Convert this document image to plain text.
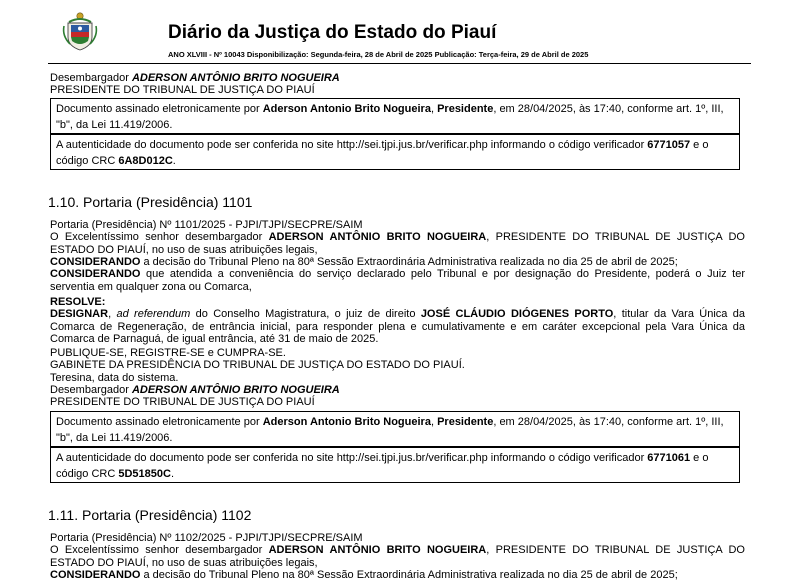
Diário da Justiça do Estado do Piauí
ANO XLVIII - Nº 10043 Disponibilização: Segunda-feira, 28 de Abril de 2025 Publicação: Terça-feira, 29 de Abril de 2025
Desembargador ADERSON ANTÔNIO BRITO NOGUEIRA
PRESIDENTE DO TRIBUNAL DE JUSTIÇA DO PIAUÍ
Documento assinado eletronicamente por Aderson Antonio Brito Nogueira, Presidente, em 28/04/2025, às 17:40, conforme art. 1º, III, "b", da Lei 11.419/2006.
A autenticidade do documento pode ser conferida no site http://sei.tjpi.jus.br/verificar.php informando o código verificador 6771057 e o código CRC 6A8D012C.
1.10. Portaria (Presidência) 1101
Portaria (Presidência) Nº 1101/2025 - PJPI/TJPI/SECPRE/SAIM
O Excelentíssimo senhor desembargador ADERSON ANTÔNIO BRITO NOGUEIRA, PRESIDENTE DO TRIBUNAL DE JUSTIÇA DO ESTADO DO PIAUÍ, no uso de suas atribuições legais,
CONSIDERANDO a decisão do Tribunal Pleno na 80ª Sessão Extraordinária Administrativa realizada no dia 25 de abril de 2025;
CONSIDERANDO que atendida a conveniência do serviço declarado pelo Tribunal e por designação do Presidente, poderá o Juiz ter serventia em qualquer zona ou Comarca,
RESOLVE:
DESIGNAR, ad referendum do Conselho Magistratura, o juiz de direito JOSÉ CLÁUDIO DIÓGENES PORTO, titular da Vara Única da Comarca de Regeneração, de entrância inicial, para responder plena e cumulativamente e em caráter excepcional pela Vara Única da Comarca de Parnaguá, de igual entrância, até 31 de maio de 2025.
PUBLIQUE-SE, REGISTRE-SE e CUMPRA-SE.
GABINETE DA PRESIDÊNCIA DO TRIBUNAL DE JUSTIÇA DO ESTADO DO PIAUÍ.
Teresina, data do sistema.
Desembargador ADERSON ANTÔNIO BRITO NOGUEIRA
PRESIDENTE DO TRIBUNAL DE JUSTIÇA DO PIAUÍ
Documento assinado eletronicamente por Aderson Antonio Brito Nogueira, Presidente, em 28/04/2025, às 17:40, conforme art. 1º, III, "b", da Lei 11.419/2006.
A autenticidade do documento pode ser conferida no site http://sei.tjpi.jus.br/verificar.php informando o código verificador 6771061 e o código CRC 5D51850C.
1.11. Portaria (Presidência) 1102
Portaria (Presidência) Nº 1102/2025 - PJPI/TJPI/SECPRE/SAIM
O Excelentíssimo senhor desembargador ADERSON ANTÔNIO BRITO NOGUEIRA, PRESIDENTE DO TRIBUNAL DE JUSTIÇA DO ESTADO DO PIAUÍ, no uso de suas atribuições legais,
CONSIDERANDO a decisão do Tribunal Pleno na 80ª Sessão Extraordinária Administrativa realizada no dia 25 de abril de 2025;
